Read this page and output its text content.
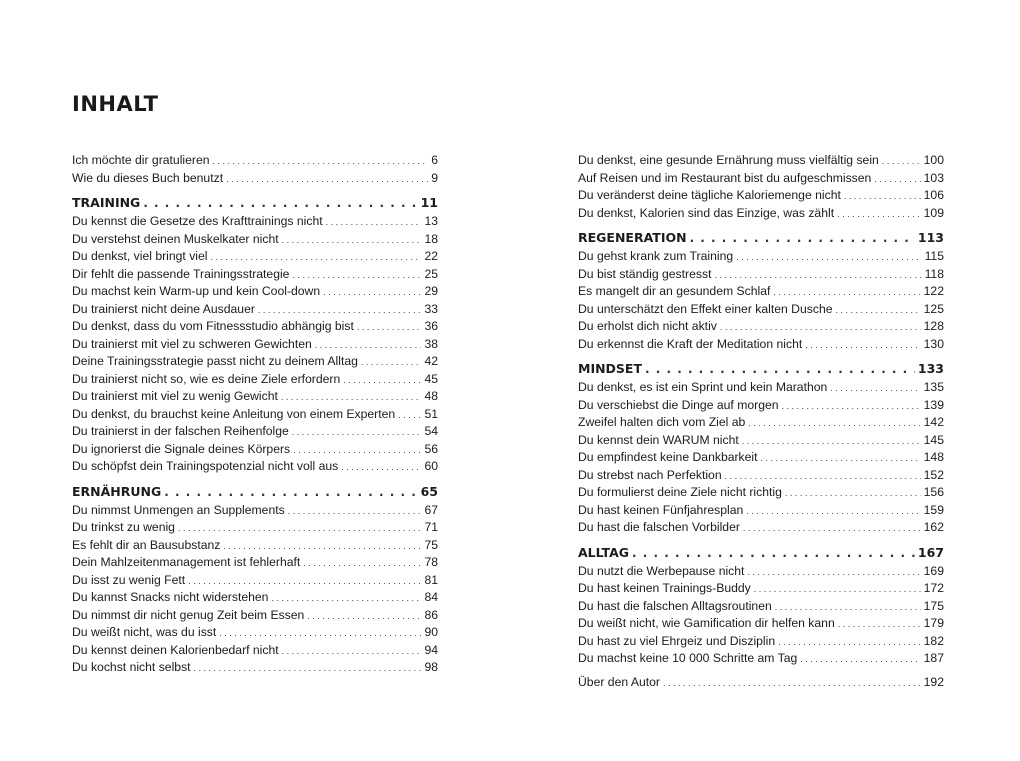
INHALT
Ich möchte dir gratulieren . . .	6
Wie du dieses Buch benutzt . . .	9
TRAINING . . .	11
Du kennst die Gesetze des Krafttrainings nicht . . .	13
Du verstehst deinen Muskelkater nicht . . .	18
Du denkst, viel bringt viel . . .	22
Dir fehlt die passende Trainingsstrategie . . .	25
Du machst kein Warm-up und kein Cool-down . . .	29
Du trainierst nicht deine Ausdauer . . .	33
Du denkst, dass du vom Fitnessstudio abhängig bist . . .	36
Du trainierst mit viel zu schweren Gewichten . . .	38
Deine Trainingsstrategie passt nicht zu deinem Alltag . . .	42
Du trainierst nicht so, wie es deine Ziele erfordern . . .	45
Du trainierst mit viel zu wenig Gewicht . . .	48
Du denkst, du brauchst keine Anleitung von einem Experten . . . 51
Du trainierst in der falschen Reihenfolge . . .	54
Du ignorierst die Signale deines Körpers . . .	56
Du schöpfst dein Trainingspotenzial nicht voll aus . . .	60
ERNÄHRUNG . . .	65
Du nimmst Unmengen an Supplements . . .	67
Du trinkst zu wenig . . .	71
Es fehlt dir an Bausubstanz . . .	75
Dein Mahlzeitenmanagement ist fehlerhaft . . .	78
Du isst zu wenig Fett . . .	81
Du kannst Snacks nicht widerstehen . . .	84
Du nimmst dir nicht genug Zeit beim Essen . . .	86
Du weißt nicht, was du isst . . .	90
Du kennst deinen Kalorienbedarf nicht . . .	94
Du kochst nicht selbst . . .	98
Du denkst, eine gesunde Ernährung muss vielfältig sein . . .	100
Auf Reisen und im Restaurant bist du aufgeschmissen . . .	103
Du veränderst deine tägliche Kaloriemenge nicht . . .	106
Du denkst, Kalorien sind das Einzige, was zählt . . .	109
REGENERATION . . .	113
Du gehst krank zum Training . . .	115
Du bist ständig gestresst . . .	118
Es mangelt dir an gesundem Schlaf . . .	122
Du unterschätzt den Effekt einer kalten Dusche . . .	125
Du erholst dich nicht aktiv . . .	128
Du erkennst die Kraft der Meditation nicht . . .	130
MINDSET . . .	133
Du denkst, es ist ein Sprint und kein Marathon . . .	135
Du verschiebst die Dinge auf morgen . . .	139
Zweifel halten dich vom Ziel ab . . .	142
Du kennst dein WARUM nicht . . .	145
Du empfindest keine Dankbarkeit . . .	148
Du strebst nach Perfektion . . .	152
Du formulierst deine Ziele nicht richtig . . .	156
Du hast keinen Fünfjahresplan . . .	159
Du hast die falschen Vorbilder . . .	162
ALLTAG . . .	167
Du nutzt die Werbepause nicht . . .	169
Du hast keinen Trainings-Buddy . . .	172
Du hast die falschen Alltagsroutinen . . .	175
Du weißt nicht, wie Gamification dir helfen kann . . .	179
Du hast zu viel Ehrgeiz und Disziplin . . .	182
Du machst keine 10 000 Schritte am Tag . . .	187
Über den Autor . . .	192
